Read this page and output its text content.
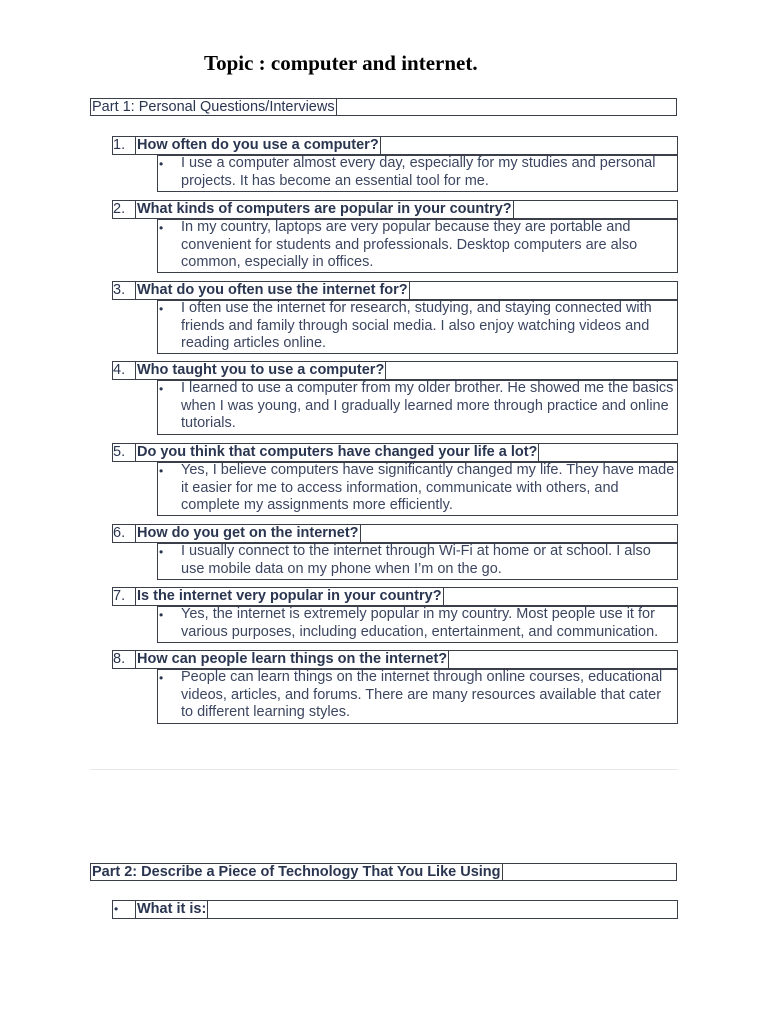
Topic : computer and internet.
Part 1: Personal Questions/Interviews
1. How often do you use a computer?
• I use a computer almost every day, especially for my studies and personal projects. It has become an essential tool for me.
2. What kinds of computers are popular in your country?
• In my country, laptops are very popular because they are portable and convenient for students and professionals. Desktop computers are also common, especially in offices.
3. What do you often use the internet for?
• I often use the internet for research, studying, and staying connected with friends and family through social media. I also enjoy watching videos and reading articles online.
4. Who taught you to use a computer?
• I learned to use a computer from my older brother. He showed me the basics when I was young, and I gradually learned more through practice and online tutorials.
5. Do you think that computers have changed your life a lot?
• Yes, I believe computers have significantly changed my life. They have made it easier for me to access information, communicate with others, and complete my assignments more efficiently.
6. How do you get on the internet?
• I usually connect to the internet through Wi-Fi at home or at school. I also use mobile data on my phone when I’m on the go.
7. Is the internet very popular in your country?
• Yes, the internet is extremely popular in my country. Most people use it for various purposes, including education, entertainment, and communication.
8. How can people learn things on the internet?
• People can learn things on the internet through online courses, educational videos, articles, and forums. There are many resources available that cater to different learning styles.
Part 2: Describe a Piece of Technology That You Like Using
• What it is:
